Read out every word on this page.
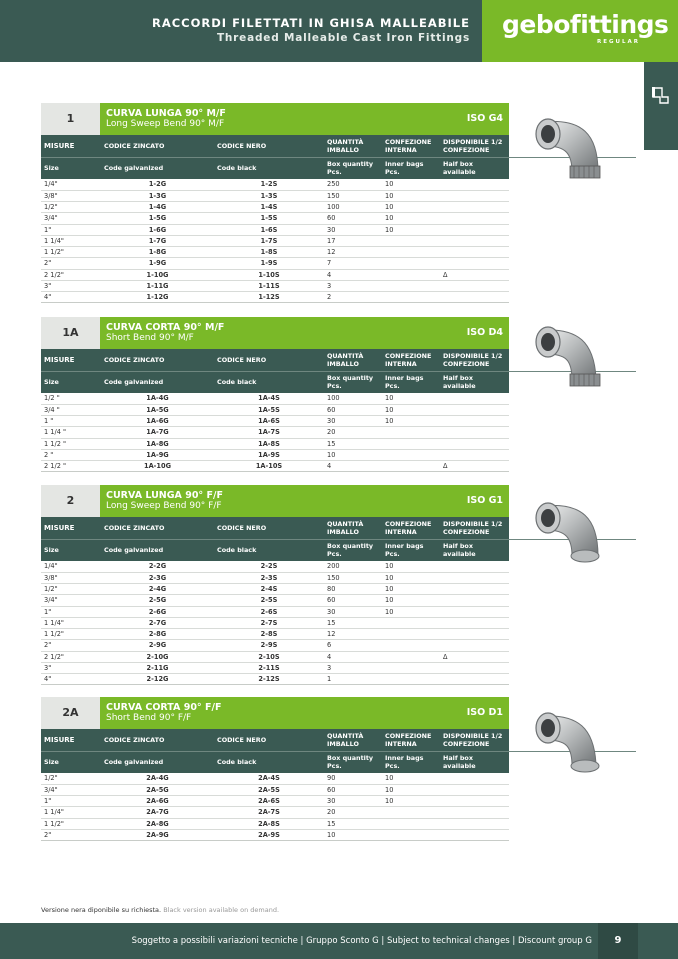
RACCORDI FILETTATI IN GHISA MALLEABILE
Threaded Malleable Cast Iron Fittings gebofittings
REGULAR
1	CURVA LUNGA 90° M/F
Long Sweep Bend 90° M/F	ISO G4
MISURE	CODICE ZINCATO	CODICE NERO	QUANTITÀ IMBALLO	CONFEZIONE INTERNA	DISPONIBILE 1/2 CONFEZIONE	
Size	Code galvanized	Code black	Box quantity Pcs.	Inner bags Pcs.	Half box available	
1/4"	1-2G	1-2S	250	10		
3/8"	1-3G	1-3S	150	10		
1/2"	1-4G	1-4S	100	10		
3/4"	1-5G	1-5S	60	10		
1"	1-6G	1-6S	30	10		
1 1/4"	1-7G	1-7S	17			
1 1/2"	1-8G	1-8S	12			
2"	1-9G	1-9S	7			
2 1/2"	1-10G	1-10S	4		Δ	
3"	1-11G	1-11S	3			
4"	1-12G	1-12S	2			
1A	CURVA CORTA 90° M/F
Short Bend 90° M/F	ISO D4
MISURE	CODICE ZINCATO	CODICE NERO	QUANTITÀ IMBALLO	CONFEZIONE INTERNA	DISPONIBILE 1/2 CONFEZIONE	
Size	Code galvanized	Code black	Box quantity Pcs.	Inner bags Pcs.	Half box available	
1/2 "	1A-4G	1A-4S	100	10		
3/4 "	1A-5G	1A-5S	60	10		
1 "	1A-6G	1A-6S	30	10		
1 1/4 "	1A-7G	1A-7S	20			
1 1/2 "	1A-8G	1A-8S	15			
2 "	1A-9G	1A-9S	10			
2 1/2 "	1A-10G	1A-10S	4		Δ	
2	CURVA LUNGA 90° F/F
Long Sweep Bend 90° F/F	ISO G1
MISURE	CODICE ZINCATO	CODICE NERO	QUANTITÀ IMBALLO	CONFEZIONE INTERNA	DISPONIBILE 1/2 CONFEZIONE	
Size	Code galvanized	Code black	Box quantity Pcs.	Inner bags Pcs.	Half box available	
1/4"	2-2G	2-2S	200	10		
3/8"	2-3G	2-3S	150	10		
1/2"	2-4G	2-4S	80	10		
3/4"	2-5G	2-5S	60	10		
1"	2-6G	2-6S	30	10		
1 1/4"	2-7G	2-7S	15			
1 1/2"	2-8G	2-8S	12			
2"	2-9G	2-9S	6			
2 1/2"	2-10G	2-10S	4		Δ	
3"	2-11G	2-11S	3			
4"	2-12G	2-12S	1			
2A	CURVA CORTA 90° F/F
Short Bend 90° F/F	ISO D1
MISURE	CODICE ZINCATO	CODICE NERO	QUANTITÀ IMBALLO	CONFEZIONE INTERNA	DISPONIBILE 1/2 CONFEZIONE	
Size	Code galvanized	Code black	Box quantity Pcs.	Inner bags Pcs.	Half box available	
1/2"	2A-4G	2A-4S	90	10		
3/4"	2A-5G	2A-5S	60	10		
1"	2A-6G	2A-6S	30	10		
1 1/4"	2A-7G	2A-7S	20			
1 1/2"	2A-8G	2A-8S	15			
2"	2A-9G	2A-9S	10			
Versione nera diponibile su richiesta. Black version available on demand.
Soggetto a possibili variazioni tecniche | Gruppo Sconto G | Subject to technical changes | Discount group G	9
